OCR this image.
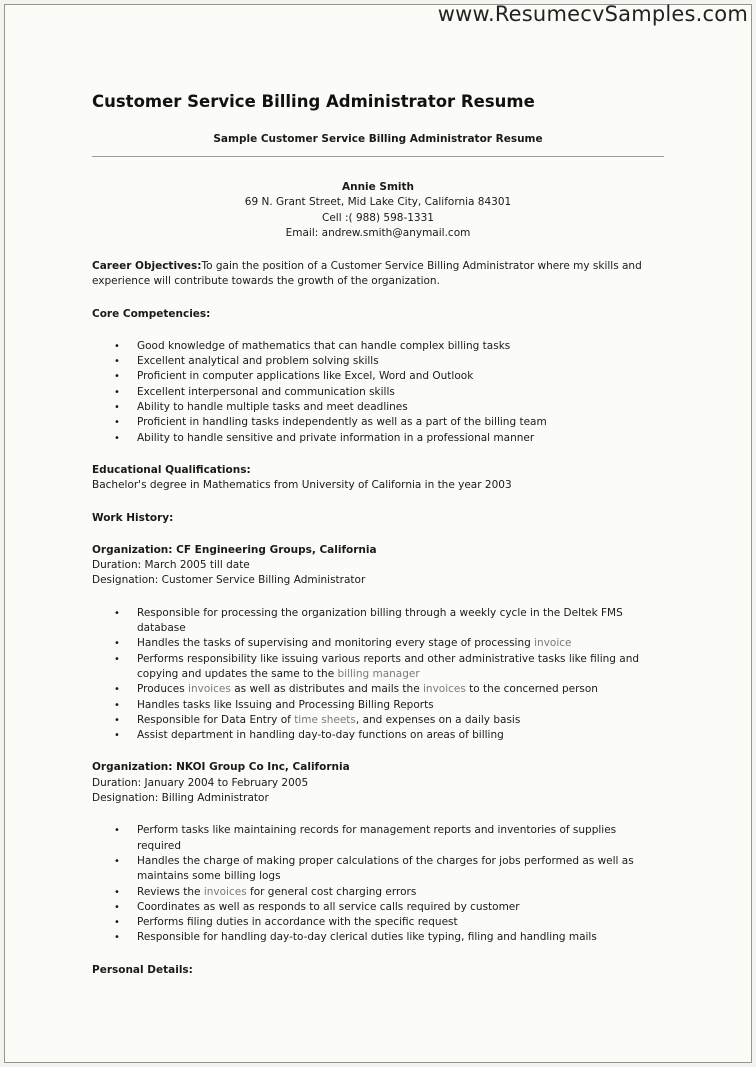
www.ResumecvSamples.com
Customer Service Billing Administrator Resume
Sample Customer Service Billing Administrator Resume
Annie Smith
69 N. Grant Street, Mid Lake City, California 84301
Cell :( 988) 598-1331
Email: andrew.smith@anymail.com
Career Objectives:To gain the position of a Customer Service Billing Administrator where my skills and
experience will contribute towards the growth of the organization.
Core Competencies:
• Good knowledge of mathematics that can handle complex billing tasks
• Excellent analytical and problem solving skills
• Proficient in computer applications like Excel, Word and Outlook
• Excellent interpersonal and communication skills
• Ability to handle multiple tasks and meet deadlines
• Proficient in handling tasks independently as well as a part of the billing team
• Ability to handle sensitive and private information in a professional manner
Educational Qualifications:
Bachelor's degree in Mathematics from University of California in the year 2003
Work History:
Organization: CF Engineering Groups, California
Duration: March 2005 till date
Designation: Customer Service Billing Administrator
• Responsible for processing the organization billing through a weekly cycle in the Deltek FMS database
• Handles the tasks of supervising and monitoring every stage of processing invoice
• Performs responsibility like issuing various reports and other administrative tasks like filing and
copying and updates the same to the billing manager
• Produces invoices as well as distributes and mails the invoices to the concerned person
• Handles tasks like Issuing and Processing Billing Reports
• Responsible for Data Entry of time sheets, and expenses on a daily basis
• Assist department in handling day-to-day functions on areas of billing
Organization: NKOI Group Co Inc, California
Duration: January 2004 to February 2005
Designation: Billing Administrator
• Perform tasks like maintaining records for management reports and inventories of supplies required
• Handles the charge of making proper calculations of the charges for jobs performed as well as
maintains some billing logs
• Reviews the invoices for general cost charging errors
• Coordinates as well as responds to all service calls required by customer
• Performs filing duties in accordance with the specific request
• Responsible for handling day-to-day clerical duties like typing, filing and handling mails
Personal Details:
